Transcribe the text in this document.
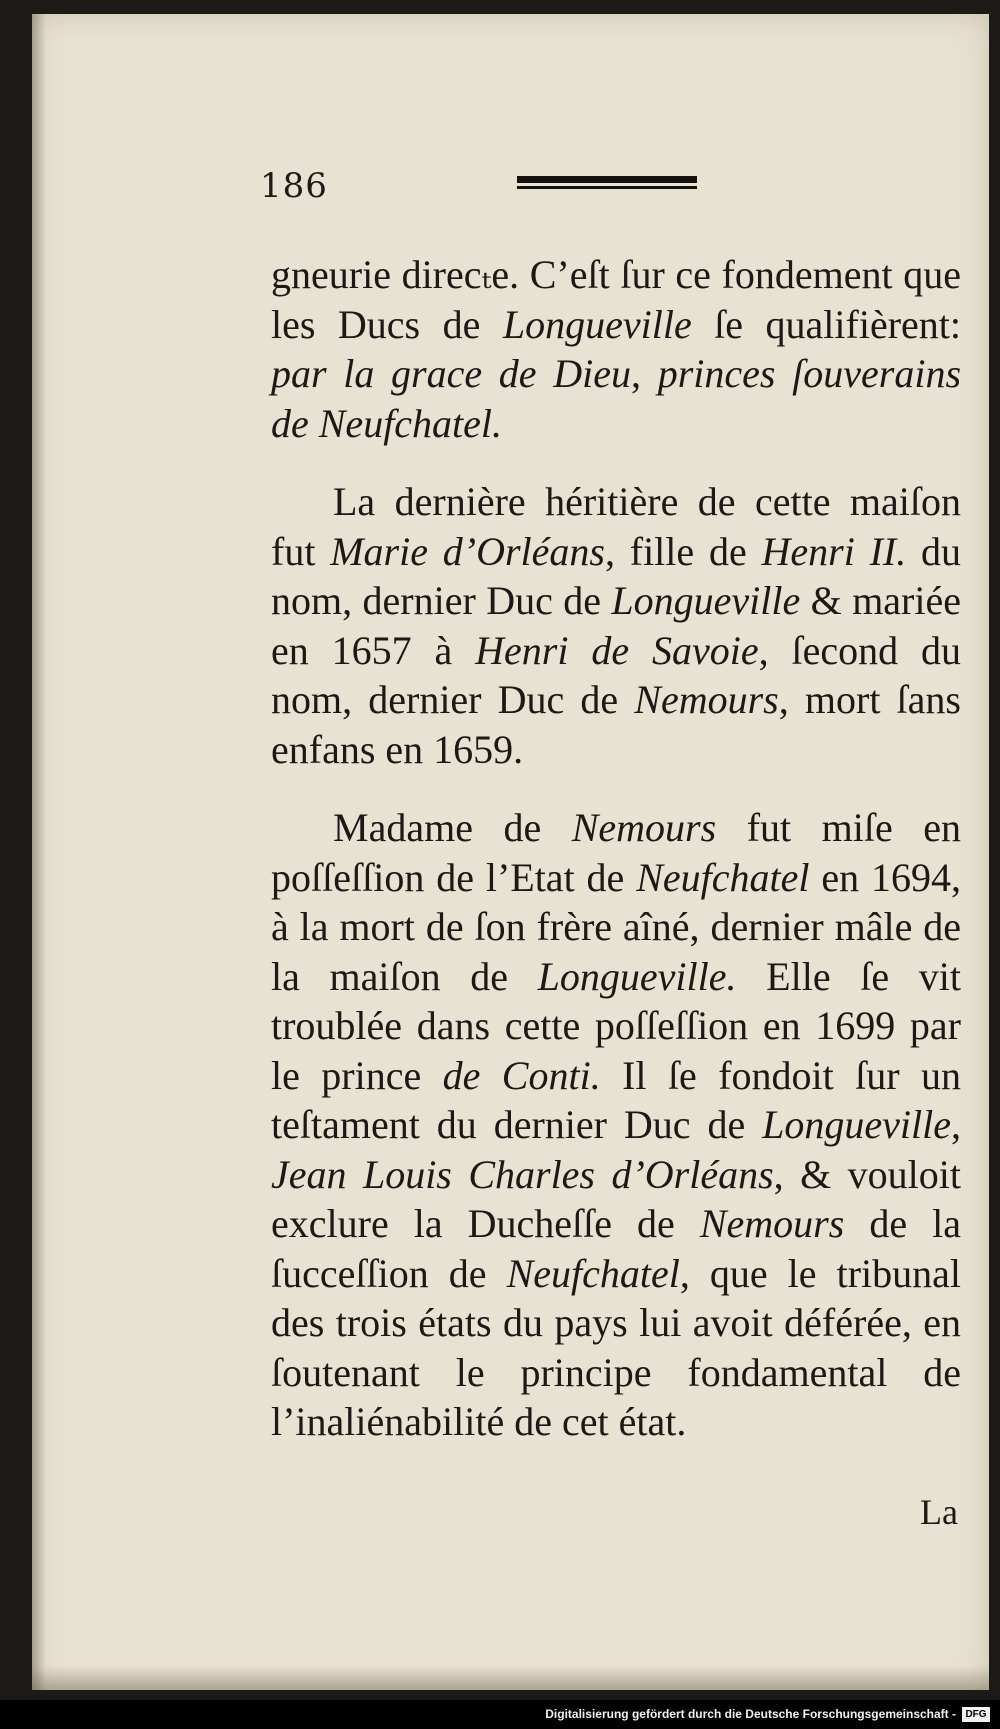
186

gneurie direcₜe. C’eſt ſur ce fondement que les Ducs de Longueville ſe qualifièrent: par la grace de Dieu, princes ſouverains de Neufchatel.

La dernière héritière de cette maiſon fut Marie d’Orléans, fille de Henri II. du nom, dernier Duc de Longueville & mariée en 1657 à Henri de Savoie, ſecond du nom, dernier Duc de Nemours, mort ſans enfans en 1659.

Madame de Nemours fut miſe en poſſeſſion de l’Etat de Neufchatel en 1694, à la mort de ſon frère aîné, dernier mâle de la maiſon de Longueville. Elle ſe vit troublée dans cette poſſeſſion en 1699 par le prince de Conti. Il ſe fondoit ſur un teſtament du dernier Duc de Longueville, Jean Louis Charles d’Orléans, & vouloit exclure la Ducheſſe de Nemours de la ſucceſſion de Neufchatel, que le tribunal des trois états du pays lui avoit déférée, en ſoutenant le principe fondamental de l’inaliénabilité de cet état.

La
Digitalisierung gefördert durch die Deutsche Forschungsgemeinschaft - DFG
